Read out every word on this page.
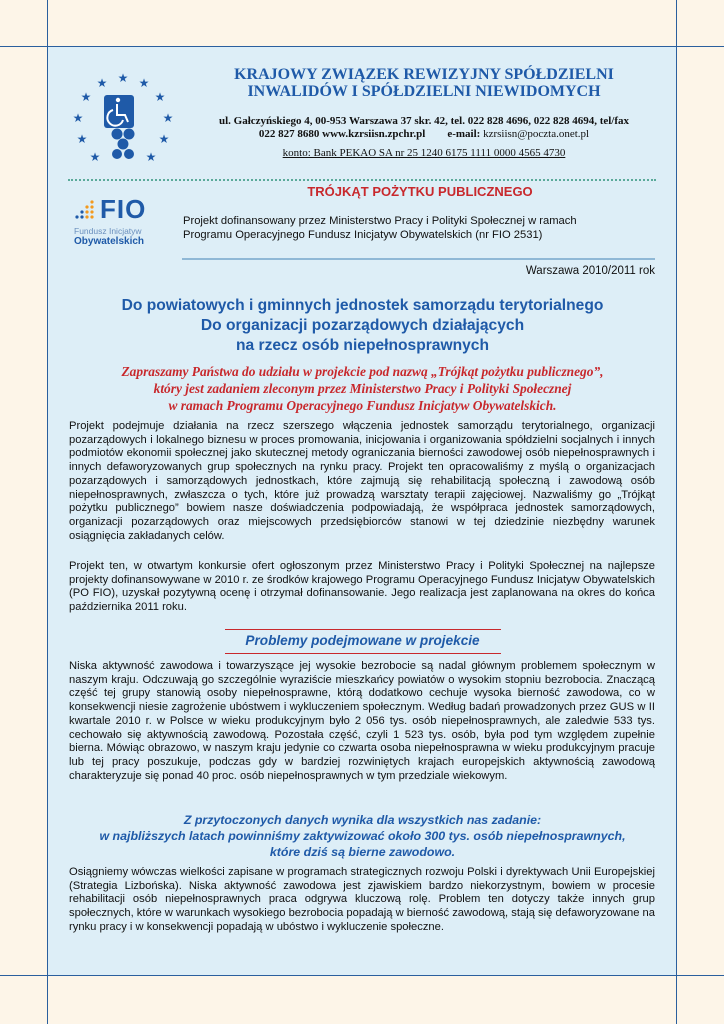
★
★	★
★	★
★	★
★	★
★	★
KRAJOWY ZWIĄZEK REWIZYJNY SPÓŁDZIELNI
INWALIDÓW I SPÓŁDZIELNI NIEWIDOMYCH
ul. Gałczyńskiego 4, 00-953 Warszawa 37 skr. 42, tel. 022 828 4696, 022 828 4694, tel/fax
022 827 8680 www.kzrsiisn.zpchr.pl e-mail: kzrsiisn@poczta.onet.pl
konto: Bank PEKAO SA nr 25 1240 6175 1111 0000 4565 4730
FIO
Fundusz Inicjatyw
Obywatelskich
TRÓJKĄT POŻYTKU PUBLICZNEGO
Projekt dofinansowany przez Ministerstwo Pracy i Polityki Społecznej w ramach
Programu Operacyjnego Fundusz Inicjatyw Obywatelskich (nr FIO 2531)
Warszawa 2010/2011 rok
Do powiatowych i gminnych jednostek samorządu terytorialnego
Do organizacji pozarządowych działających
na rzecz osób niepełnosprawnych
Zapraszamy Państwa do udziału w projekcie pod nazwą „Trójkąt pożytku publicznego”,
który jest zadaniem zleconym przez Ministerstwo Pracy i Polityki Społecznej
w ramach Programu Operacyjnego Fundusz Inicjatyw Obywatelskich.

Projekt podejmuje działania na rzecz szerszego włączenia jednostek samorządu terytorialnego, organizacji pozarządowych i lokalnego biznesu w proces promowania, inicjowania i organizowania spółdzielni socjalnych i innych podmiotów ekonomii społecznej jako skutecznej metody ograniczania bierności zawodowej osób niepełnosprawnych i innych defaworyzowanych grup społecznych na rynku pracy. Projekt ten opracowaliśmy z myślą o organizacjach pozarządowych i samorządowych jednostkach, które zajmują się rehabilitacją społeczną i zawodową osób niepełnosprawnych, zwłaszcza o tych, które już prowadzą warsztaty terapii zajęciowej. Nazwaliśmy go „Trójkąt pożytku publicznego” bowiem nasze doświadczenia podpowiadają, że współpraca jednostek samorządowych, organizacji pozarządowych oraz miejscowych przedsiębiorców stanowi w tej dziedzinie niezbędny warunek osiągnięcia zakładanych celów.

Projekt ten, w otwartym konkursie ofert ogłoszonym przez Ministerstwo Pracy i Polityki Społecznej na najlepsze projekty dofinansowywane w 2010 r. ze środków krajowego Programu Operacyjnego Fundusz Inicjatyw Obywatelskich (PO FIO), uzyskał pozytywną ocenę i otrzymał dofinansowanie. Jego realizacja jest zaplanowana na okres do końca października 2011 roku.

Problemy podejmowane w projekcie

Niska aktywność zawodowa i towarzyszące jej wysokie bezrobocie są nadal głównym problemem społecznym w naszym kraju. Odczuwają go szczególnie wyraziście mieszkańcy powiatów o wysokim stopniu bezrobocia. Znaczącą część tej grupy stanowią osoby niepełnosprawne, którą dodatkowo cechuje wysoka bierność zawodowa, co w konsekwencji niesie zagrożenie ubóstwem i wykluczeniem społecznym. Według badań prowadzonych przez GUS w II kwartale 2010 r. w Polsce w wieku produkcyjnym było 2 056 tys. osób niepełnosprawnych, ale zaledwie 533 tys. cechowało się aktywnością zawodową. Pozostała część, czyli 1 523 tys. osób, była pod tym względem zupełnie bierna. Mówiąc obrazowo, w naszym kraju jedynie co czwarta osoba niepełnosprawna w wieku produkcyjnym pracuje lub tej pracy poszukuje, podczas gdy w bardziej rozwiniętych krajach europejskich aktywnością zawodową charakteryzuje się ponad 40 proc. osób niepełnosprawnych w tym przedziale wiekowym.

Z przytoczonych danych wynika dla wszystkich nas zadanie:
w najbliższych latach powinniśmy zaktywizować około 300 tys. osób niepełnosprawnych,
które dziś są bierne zawodowo.

Osiągniemy wówczas wielkości zapisane w programach strategicznych rozwoju Polski i dyrektywach Unii Europejskiej (Strategia Lizbońska). Niska aktywność zawodowa jest zjawiskiem bardzo niekorzystnym, bowiem w procesie rehabilitacji osób niepełnosprawnych praca odgrywa kluczową rolę. Problem ten dotyczy także innych grup społecznych, które w warunkach wysokiego bezrobocia popadają w bierność zawodową, stają się defaworyzowane na rynku pracy i w konsekwencji popadają w ubóstwo i wykluczenie społeczne.
